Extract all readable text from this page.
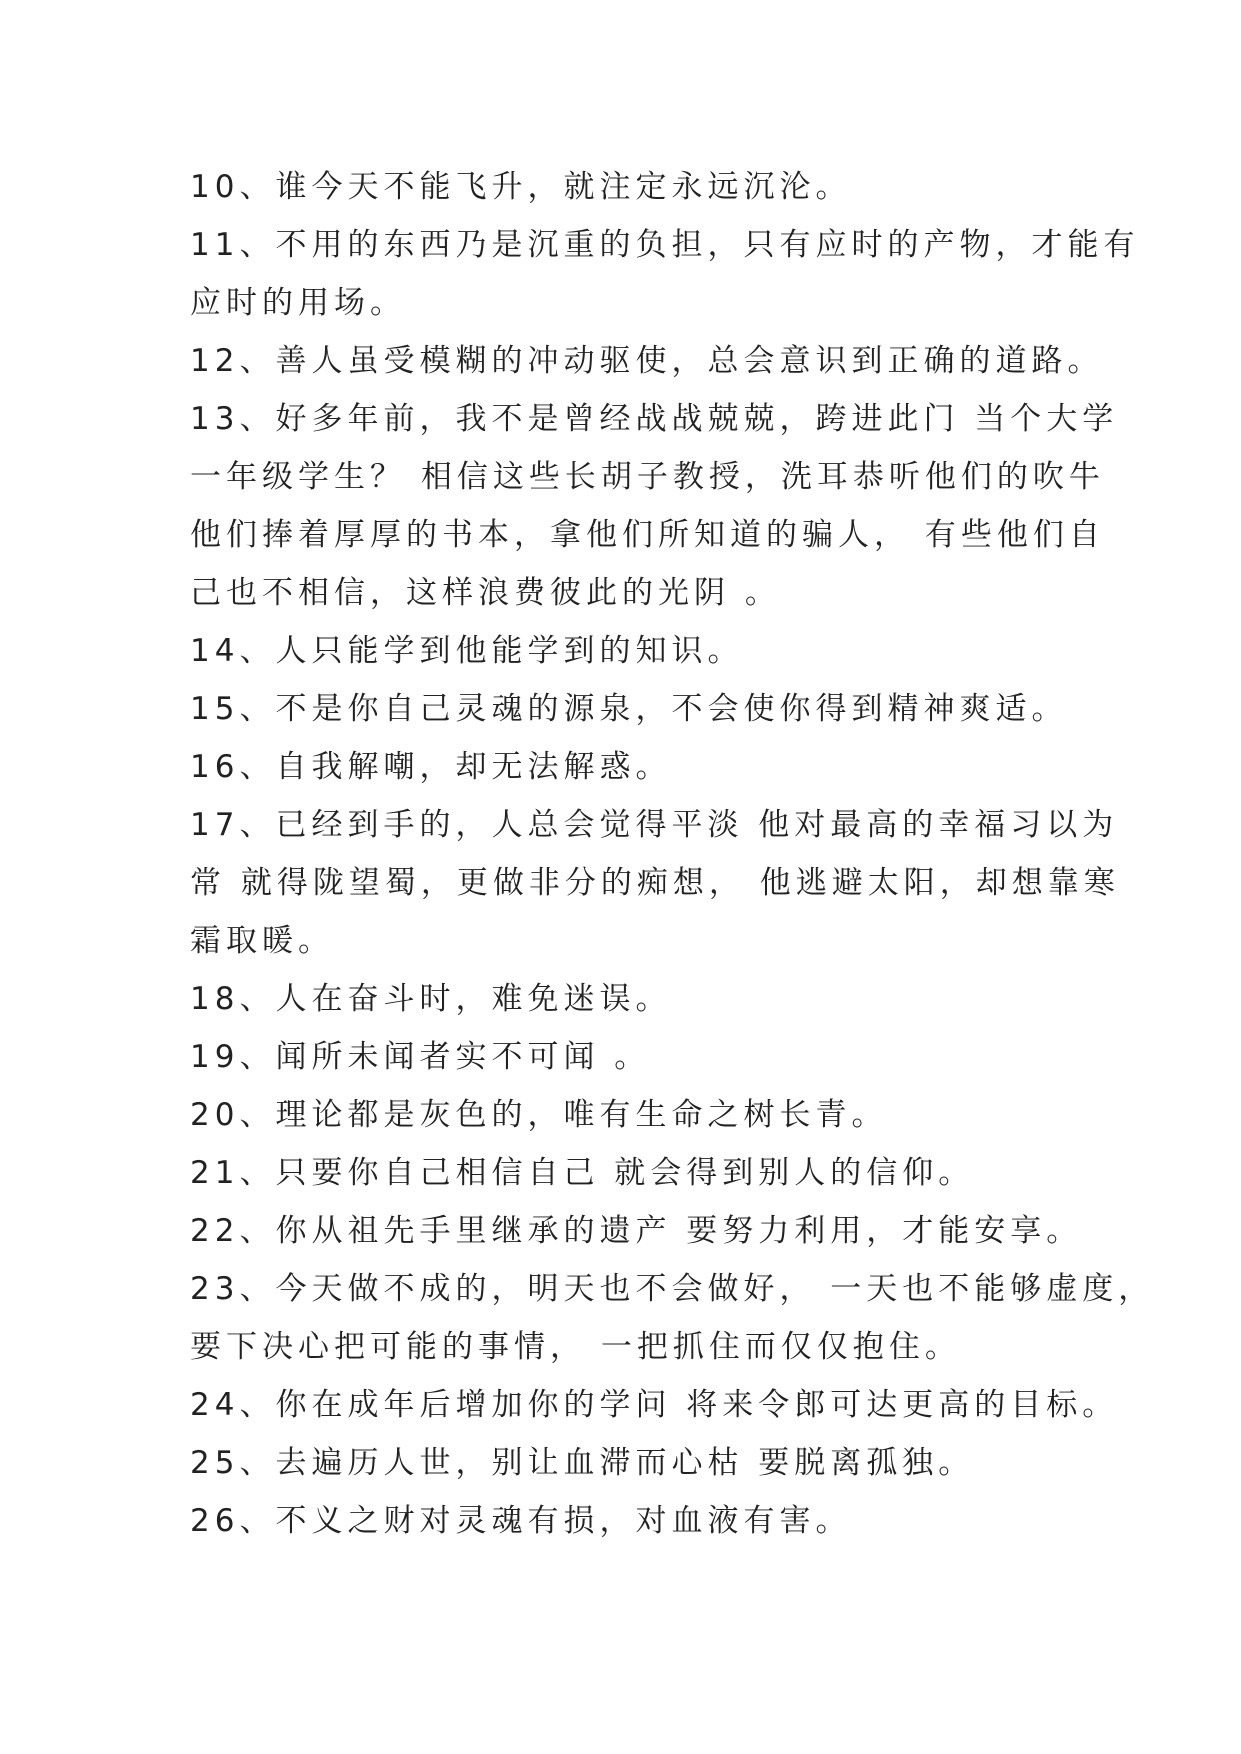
10、谁今天不能飞升，就注定永远沉沦。
11、不用的东西乃是沉重的负担，只有应时的产物，才能有
应时的用场。
12、善人虽受模糊的冲动驱使，总会意识到正确的道路。
13、好多年前，我不是曾经战战兢兢，跨进此门 当个大学
一年级学生？ 相信这些长胡子教授，洗耳恭听他们的吹牛
他们捧着厚厚的书本，拿他们所知道的骗人， 有些他们自
己也不相信，这样浪费彼此的光阴 。
14、人只能学到他能学到的知识。
15、不是你自己灵魂的源泉，不会使你得到精神爽适。
16、自我解嘲，却无法解惑。
17、已经到手的，人总会觉得平淡 他对最高的幸福习以为
常 就得陇望蜀，更做非分的痴想， 他逃避太阳，却想靠寒
霜取暖。
18、人在奋斗时，难免迷误。
19、闻所未闻者实不可闻 。
20、理论都是灰色的，唯有生命之树长青。
21、只要你自己相信自己 就会得到别人的信仰。
22、你从祖先手里继承的遗产 要努力利用，才能安享。
23、今天做不成的，明天也不会做好， 一天也不能够虚度，
要下决心把可能的事情， 一把抓住而仅仅抱住。
24、你在成年后增加你的学问 将来令郎可达更高的目标。
25、去遍历人世，别让血滞而心枯 要脱离孤独。
26、不义之财对灵魂有损，对血液有害。
